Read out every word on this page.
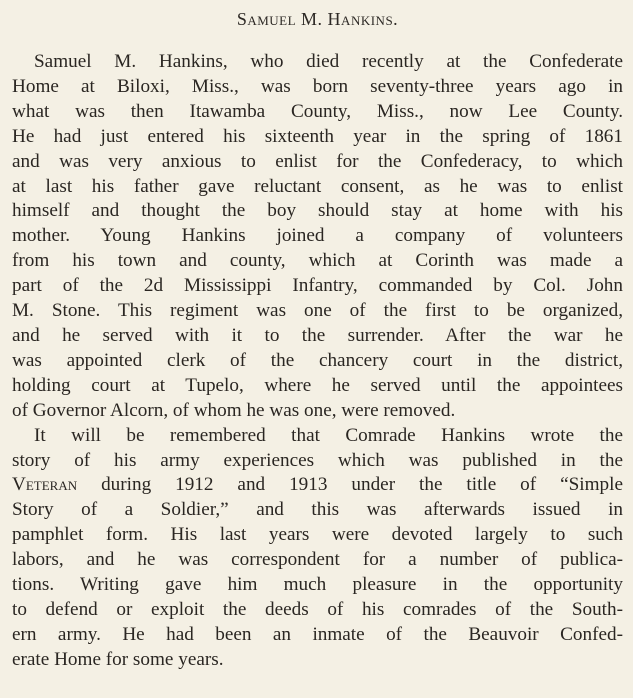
Samuel M. Hankins.
Samuel M. Hankins, who died recently at the Confederate
Home at Biloxi, Miss., was born seventy-three years ago in
what was then Itawamba County, Miss., now Lee County.
He had just entered his sixteenth year in the spring of 1861
and was very anxious to enlist for the Confederacy, to which
at last his father gave reluctant consent, as he was to enlist
himself and thought the boy should stay at home with his
mother. Young Hankins joined a company of volunteers
from his town and county, which at Corinth was made a
part of the 2d Mississippi Infantry, commanded by Col. John
M. Stone. This regiment was one of the first to be organized,
and he served with it to the surrender. After the war he
was appointed clerk of the chancery court in the district,
holding court at Tupelo, where he served until the appointees
of Governor Alcorn, of whom he was one, were removed.
It will be remembered that Comrade Hankins wrote the
story of his army experiences which was published in the
Veteran during 1912 and 1913 under the title of “Simple
Story of a Soldier,” and this was afterwards issued in
pamphlet form. His last years were devoted largely to such
labors, and he was correspondent for a number of publica-
tions. Writing gave him much pleasure in the opportunity
to defend or exploit the deeds of his comrades of the South-
ern army. He had been an inmate of the Beauvoir Confed-
erate Home for some years.
